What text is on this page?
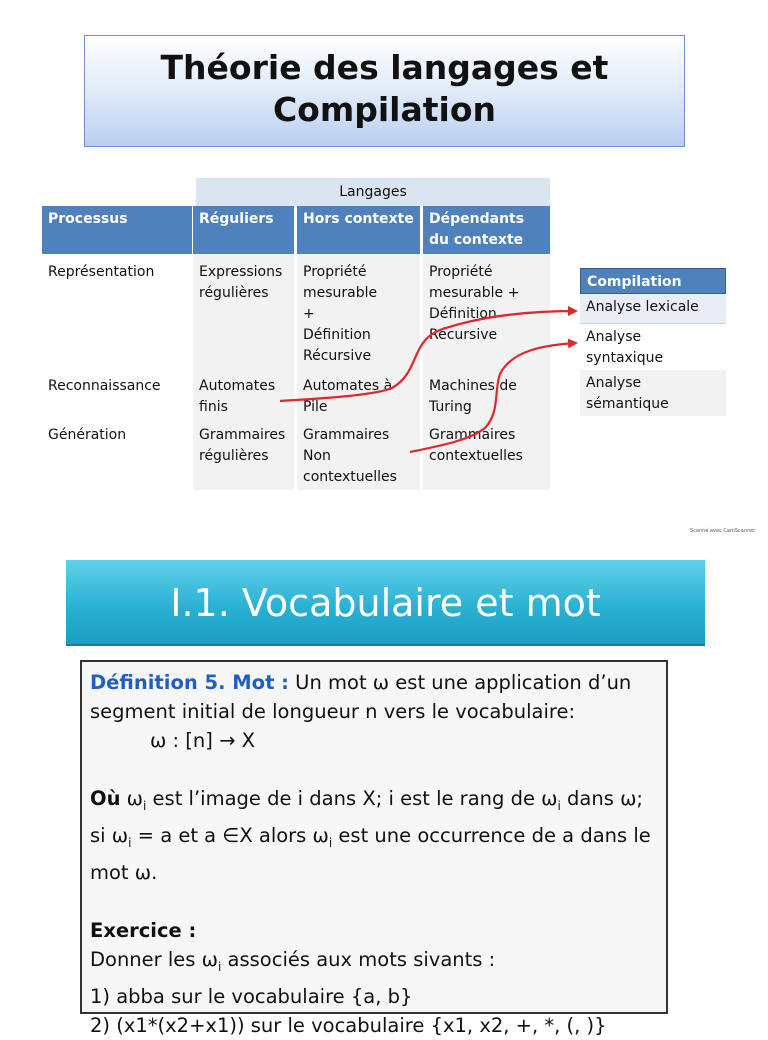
Théorie des langages et
Compilation
Langages
Processus
Représentation
Reconnaissance
Génération
Réguliers
Expressions régulières
Automates finis
Grammaires régulières
Hors contexte
Propriété mesurable + Définition Récursive
Automates à Pile
Grammaires Non contextuelles
Dépendants du contexte
Propriété mesurable + Définition Récursive
Machines de Turing
Grammaires contextuelles
Compilation
Analyse lexicale
Analyse syntaxique
Analyse sémantique
Scanné avec CamScanner
I.1. Vocabulaire et mot
Définition 5. Mot : Un mot ω est une application d’un
segment initial de longueur n vers le vocabulaire:
ω : [n] → X
Où $\omega_i$ est l’image de i dans X; i est le rang de $\omega_i$ dans ω;
si $\omega_i = a$ et a ∈X alors $\omega_i$ est une occurrence de a dans le
mot ω.
Exercice :
Donner les $\omega_i$ associés aux mots sivants :
1) abba sur le vocabulaire {a, b}
2) (x1*(x2+x1)) sur le vocabulaire {x1, x2, +, *, (, )}
